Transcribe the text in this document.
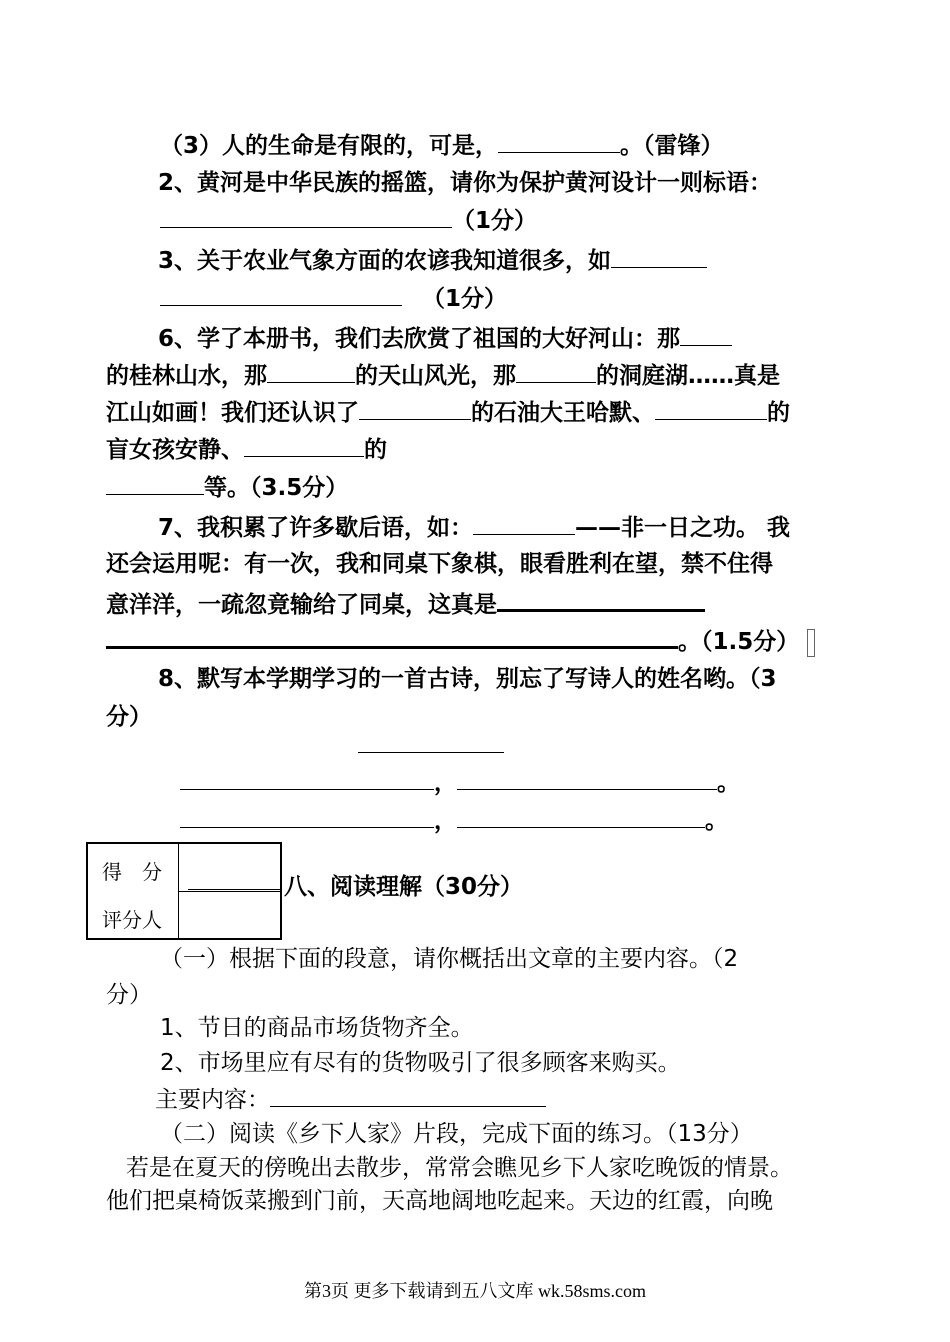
（3）人的生命是有限的，可是，	。（雷锋）
2、黄河是中华民族的摇篮，请你为保护黄河设计一则标语：
（1分）
3、关于农业气象方面的农谚我知道很多，如
（1分）
6、学了本册书，我们去欣赏了祖国的大好河山：那
的桂林山水，那	的天山风光，那	的洞庭湖……真是
江山如画！我们还认识了	的石油大王哈默、	的
盲女孩安静、	的
等。（3.5分）
7、我积累了许多歇后语，如：	——非一日之功。 我
还会运用呢：有一次，我和同桌下象棋，眼看胜利在望，禁不住得
意洋洋，一疏忽竟输给了同桌，这真是
。（1.5分）
8、默写本学期学习的一首古诗，别忘了写诗人的姓名哟。（3
分）
，	。
，	。
得　分
评分人
八、阅读理解（30分）
（一）根据下面的段意，请你概括出文章的主要内容。（2
分）
1、节日的商品市场货物齐全。
2、市场里应有尽有的货物吸引了很多顾客来购买。
主要内容：
（二）阅读《乡下人家》片段，完成下面的练习。（13分）
若是在夏天的傍晚出去散步，常常会瞧见乡下人家吃晚饭的情景。
他们把桌椅饭菜搬到门前，天高地阔地吃起来。天边的红霞，向晚
第3页 更多下载请到五八文库 wk.58sms.com
